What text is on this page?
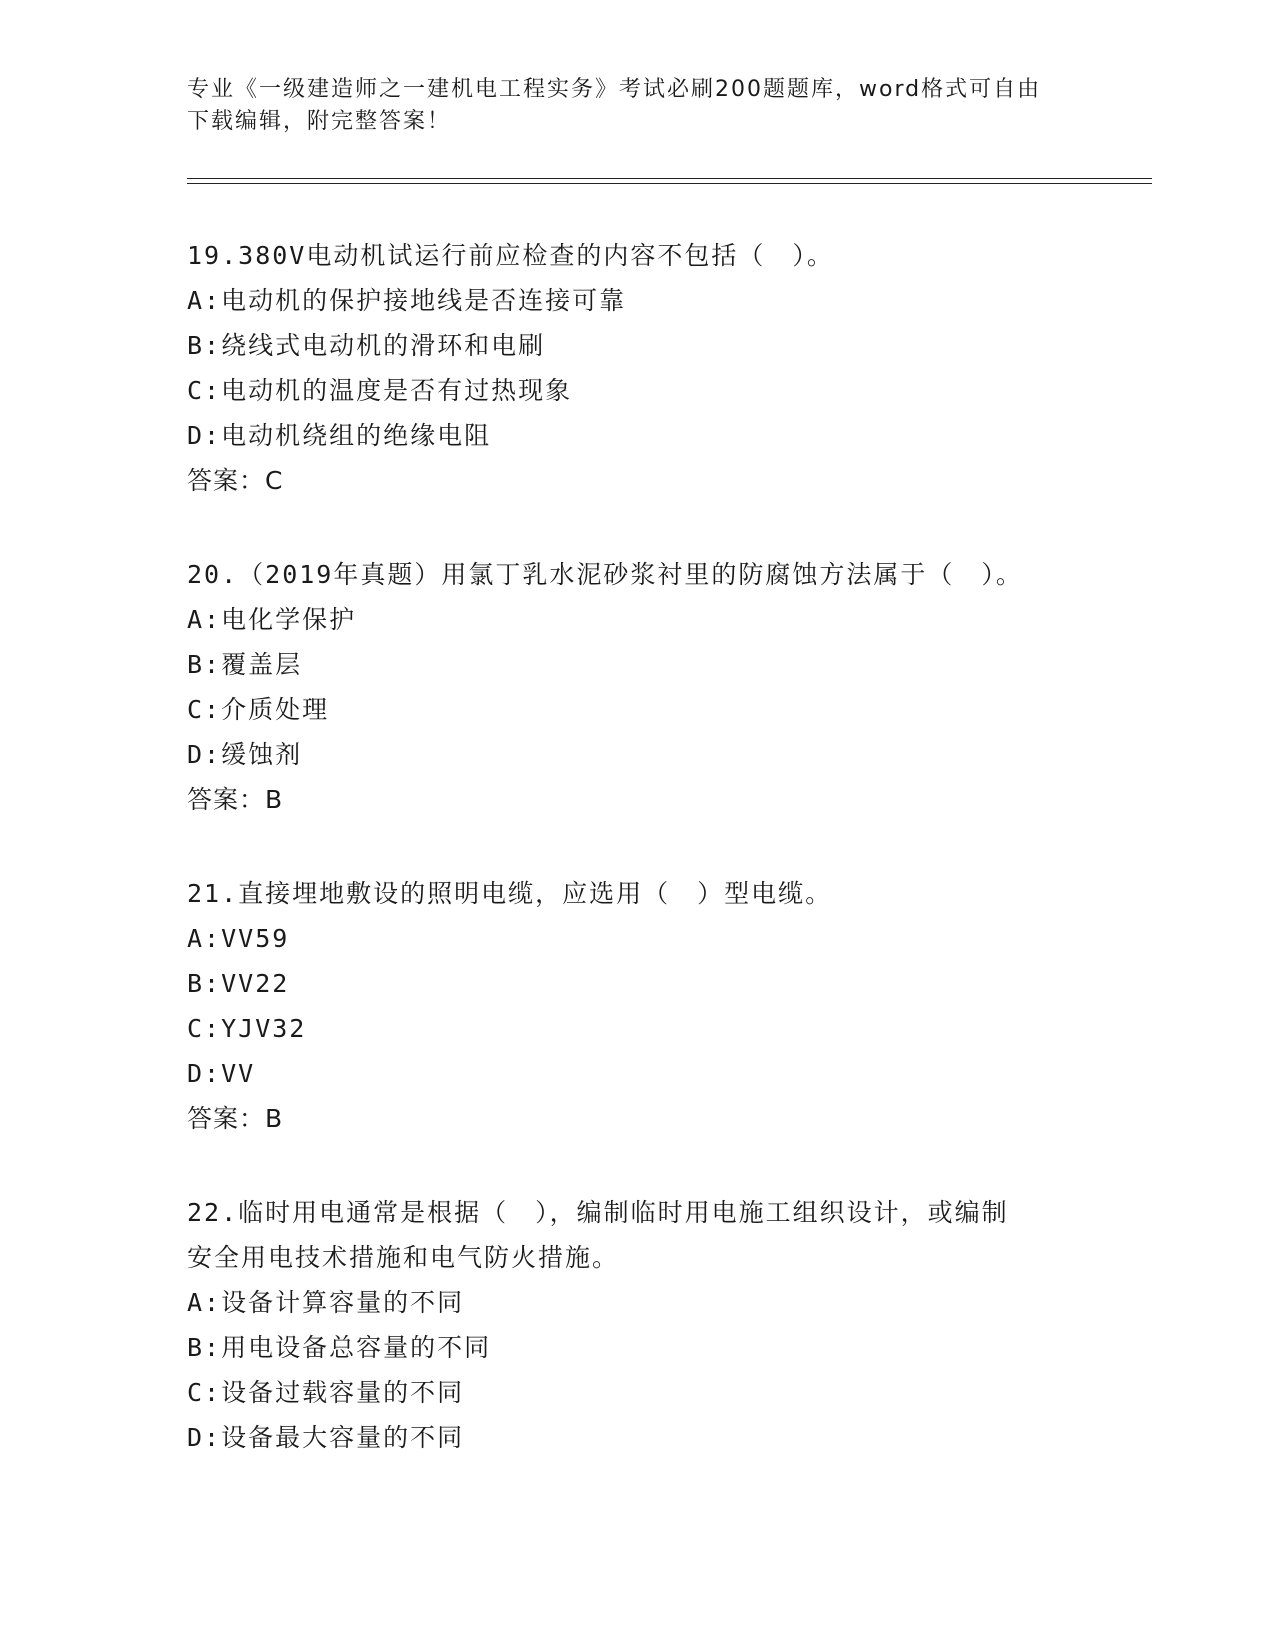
专业《一级建造师之一建机电工程实务》考试必刷200题题库，word格式可自由

下载编辑，附完整答案！

19.380V电动机试运行前应检查的内容不包括（　）。

A:电动机的保护接地线是否连接可靠

B:绕线式电动机的滑环和电刷

C:电动机的温度是否有过热现象

D:电动机绕组的绝缘电阻

答案：C

20.（2019年真题）用氯丁乳水泥砂浆衬里的防腐蚀方法属于（　）。

A:电化学保护

B:覆盖层

C:介质处理

D:缓蚀剂

答案：B

21.直接埋地敷设的照明电缆，应选用（　）型电缆。

A:VV59

B:VV22

C:YJV32

D:VV

答案：B

22.临时用电通常是根据（　），编制临时用电施工组织设计，或编制

安全用电技术措施和电气防火措施。

A:设备计算容量的不同

B:用电设备总容量的不同

C:设备过载容量的不同

D:设备最大容量的不同
